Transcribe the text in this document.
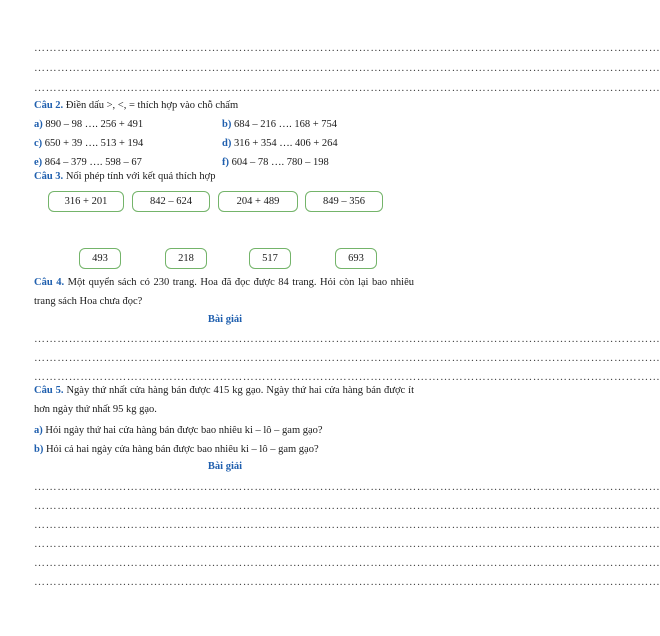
………………………………………………………………………………………………………………………………………………
………………………………………………………………………………………………………………………………………………
………………………………………………………………………………………………………………………………………………
Câu 2. Điền dấu >, <, = thích hợp vào chỗ chấm
a) 890 – 98 …. 256 + 491	b) 684 – 216 …. 168 + 754
c) 650 + 39 …. 513 + 194	d) 316 + 354 …. 406 + 264
e) 864 – 379 …. 598 – 67	f) 604 – 78 …. 780 – 198
Câu 3. Nối phép tính với kết quả thích hợp
316 + 201	842 – 624	204 + 489	849 – 356
493	218	517	693
Câu 4. Một quyển sách có 230 trang. Hoa đã đọc được 84 trang. Hỏi còn lại bao nhiêu trang sách Hoa chưa đọc?
Bài giải
………………………………………………………………………………………………………………………………………………
………………………………………………………………………………………………………………………………………………
………………………………………………………………………………………………………………………………………………
Câu 5. Ngày thứ nhất cửa hàng bán được 415 kg gạo. Ngày thứ hai cửa hàng bán được ít hơn ngày thứ nhất 95 kg gạo.
a) Hỏi ngày thứ hai cửa hàng bán được bao nhiêu ki – lô – gam gạo?
b) Hỏi cả hai ngày cửa hàng bán được bao nhiêu ki – lô – gam gạo?
Bài giải
………………………………………………………………………………………………………………………………………………
………………………………………………………………………………………………………………………………………………
………………………………………………………………………………………………………………………………………………
………………………………………………………………………………………………………………………………………………
………………………………………………………………………………………………………………………………………………
………………………………………………………………………………………………………………………………………………
